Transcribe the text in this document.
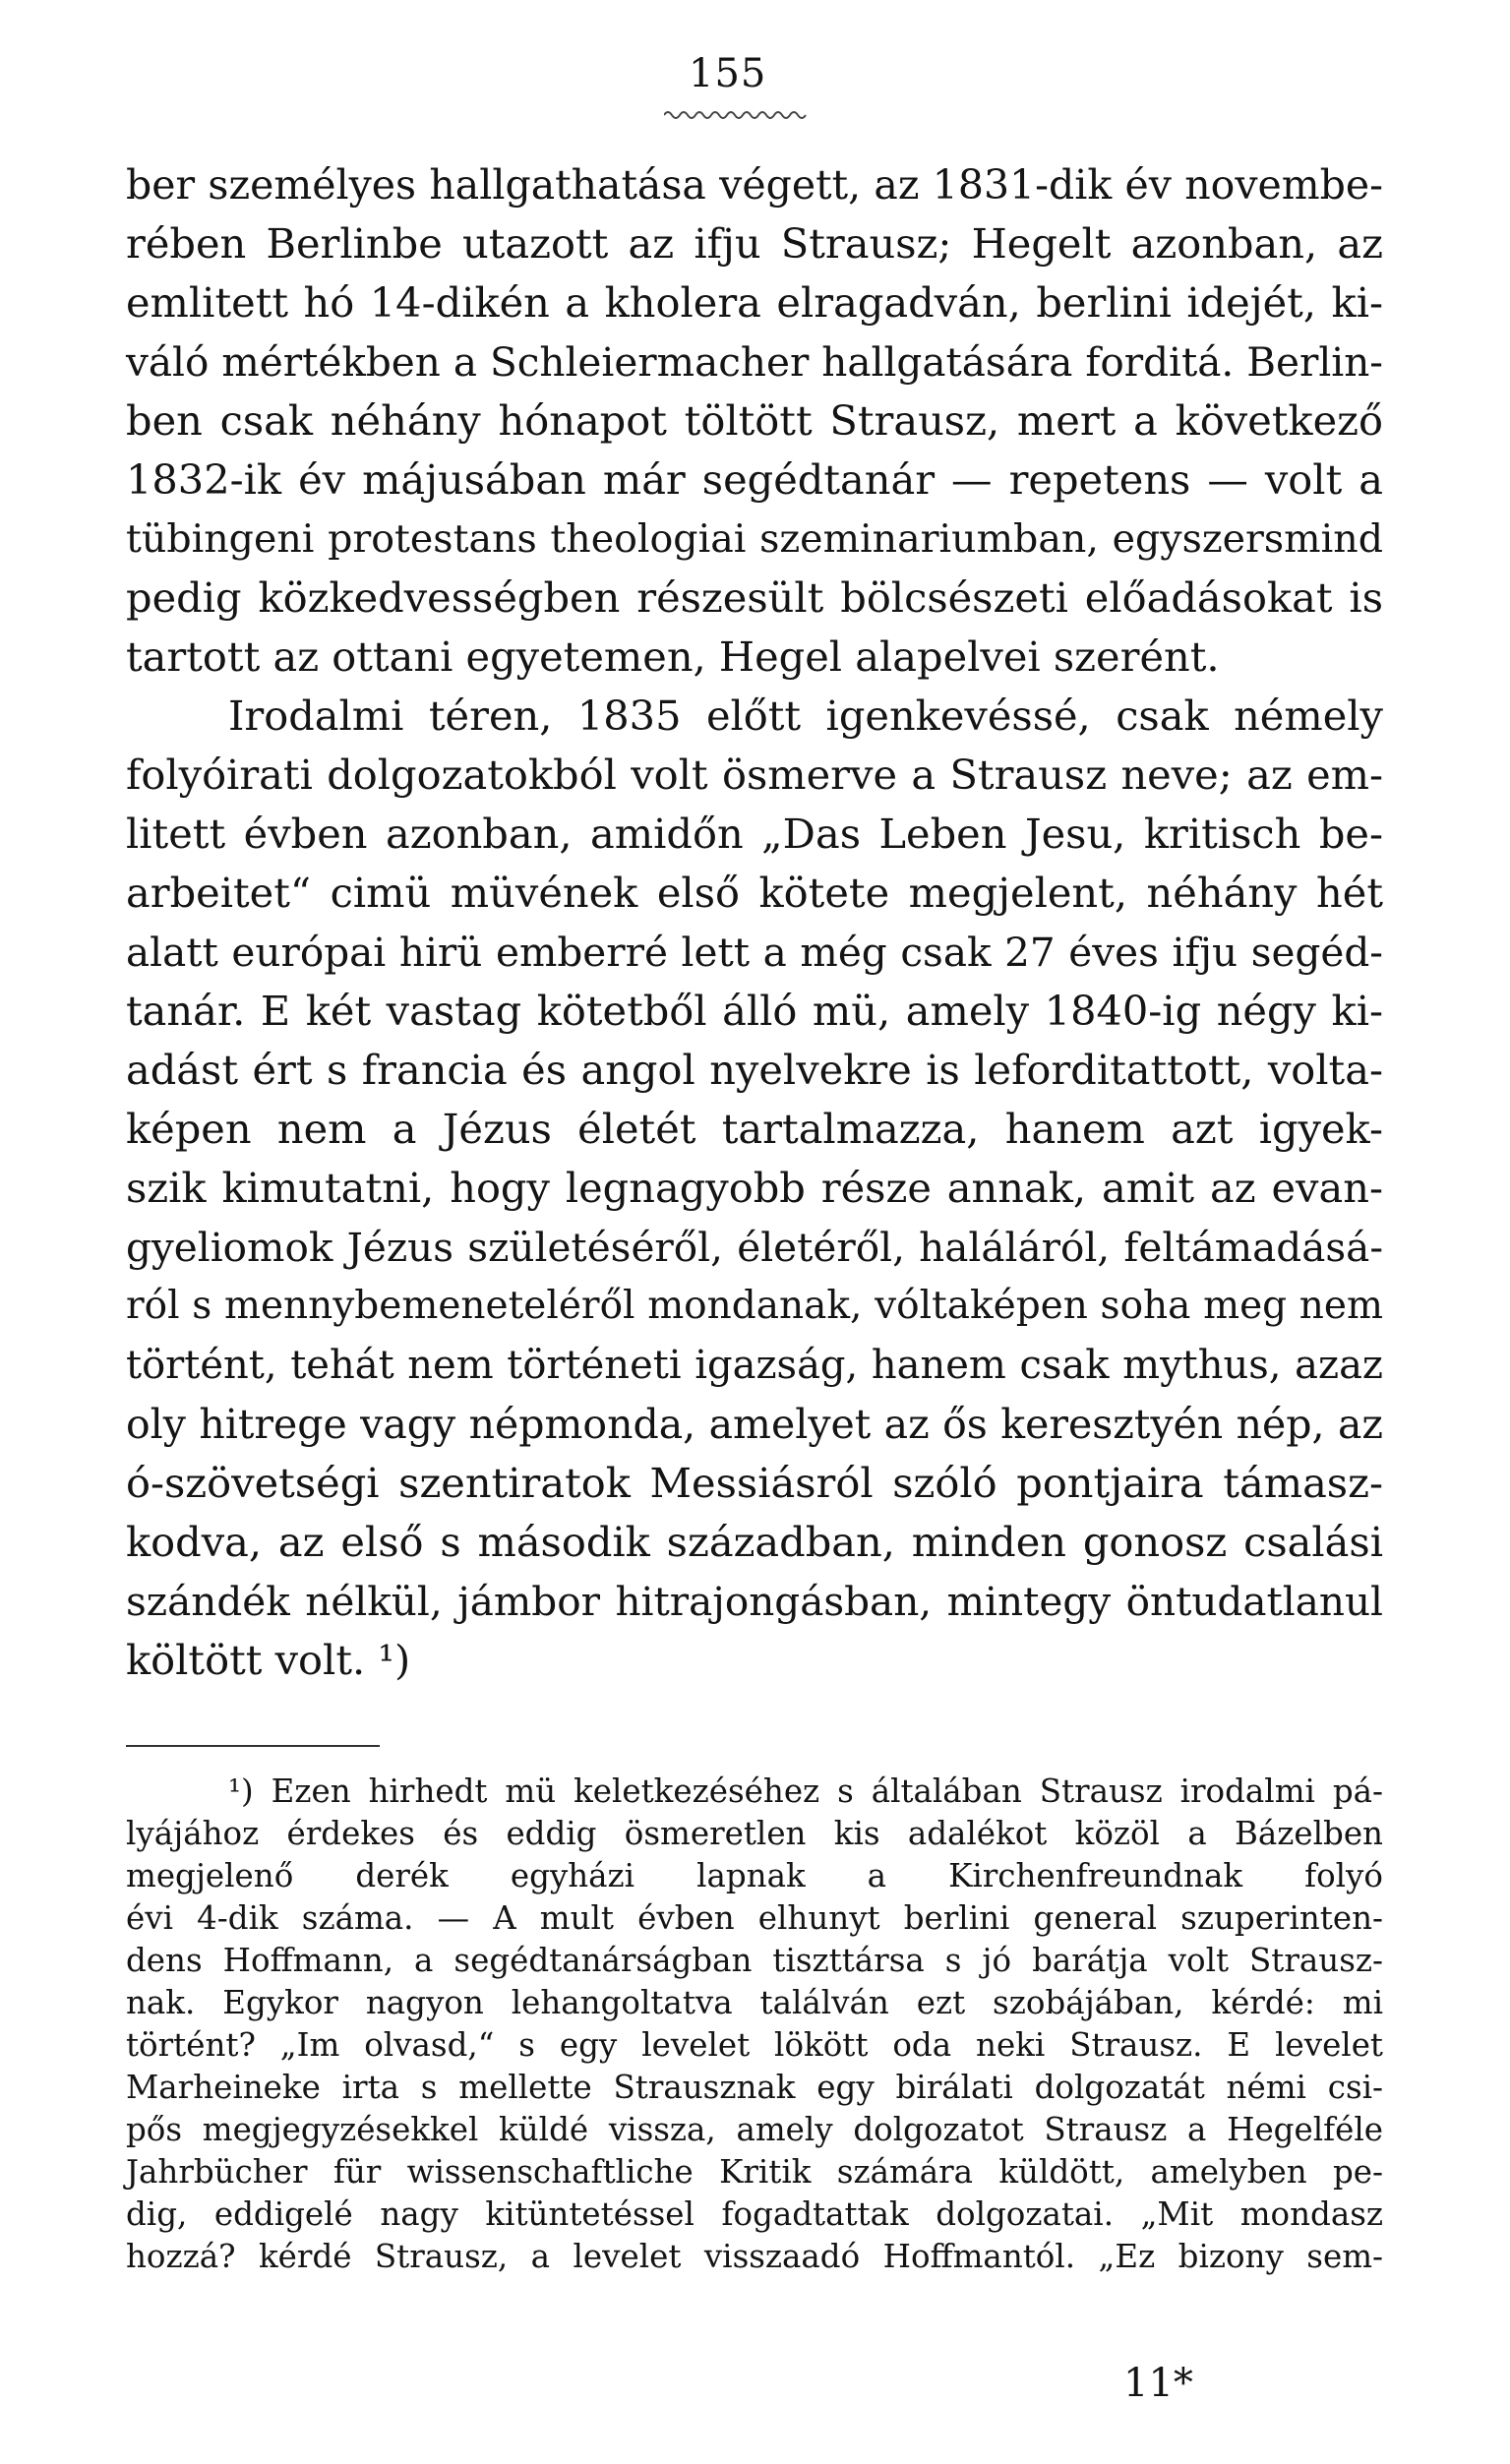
155

ber személyes hallgathatása végett, az 1831-dik év novembe-

rében Berlinbe utazott az ifju Strausz; Hegelt azonban, az

emlitett hó 14-dikén a kholera elragadván, berlini idejét, ki-

váló mértékben a Schleiermacher hallgatására forditá. Berlin-

ben csak néhány hónapot töltött Strausz, mert a következő

1832-ik év májusában már segédtanár — repetens — volt a

tübingeni protestans theologiai szeminariumban, egyszersmind

pedig közkedvességben részesült bölcsészeti előadásokat is

tartott az ottani egyetemen, Hegel alapelvei szerént.

Irodalmi téren, 1835 előtt igenkevéssé, csak némely

folyóirati dolgozatokból volt ösmerve a Strausz neve; az em-

litett évben azonban, amidőn „Das Leben Jesu, kritisch be-

arbeitet“ cimü müvének első kötete megjelent, néhány hét

alatt európai hirü emberré lett a még csak 27 éves ifju segéd-

tanár. E két vastag kötetből álló mü, amely 1840-ig négy ki-

adást ért s francia és angol nyelvekre is leforditattott, volta-

képen nem a Jézus életét tartalmazza, hanem azt igyek-

szik kimutatni, hogy legnagyobb része annak, amit az evan-

gyeliomok Jézus születéséről, életéről, haláláról, feltámadásá-

ról s mennybemeneteléről mondanak, vóltaképen soha meg nem

történt, tehát nem történeti igazság, hanem csak mythus, azaz

oly hitrege vagy népmonda, amelyet az ős keresztyén nép, az

ó-szövetségi szentiratok Messiásról szóló pontjaira támasz-

kodva, az első s második században, minden gonosz csalási

szándék nélkül, jámbor hitrajongásban, mintegy öntudatlanul

költött volt. ¹)

¹) Ezen hirhedt mü keletkezéséhez s általában Strausz irodalmi pá-

lyájához érdekes és eddig ösmeretlen kis adalékot közöl a Bázelben

megjelenő derék egyházi lapnak a Kirchenfreundnak folyó

évi 4-dik száma. — A mult évben elhunyt berlini general szuperinten-

dens Hoffmann, a segédtanárságban tiszttársa s jó barátja volt Strausz-

nak. Egykor nagyon lehangoltatva találván ezt szobájában, kérdé: mi

történt? „Im olvasd,“ s egy levelet lökött oda neki Strausz. E levelet

Marheineke irta s mellette Strausznak egy birálati dolgozatát némi csi-

pős megjegyzésekkel küldé vissza, amely dolgozatot Strausz a Hegelféle

Jahrbücher für wissenschaftliche Kritik számára küldött, amelyben pe-

dig, eddigelé nagy kitüntetéssel fogadtattak dolgozatai. „Mit mondasz

hozzá? kérdé Strausz, a levelet visszaadó Hoffmantól. „Ez bizony sem-

11*
